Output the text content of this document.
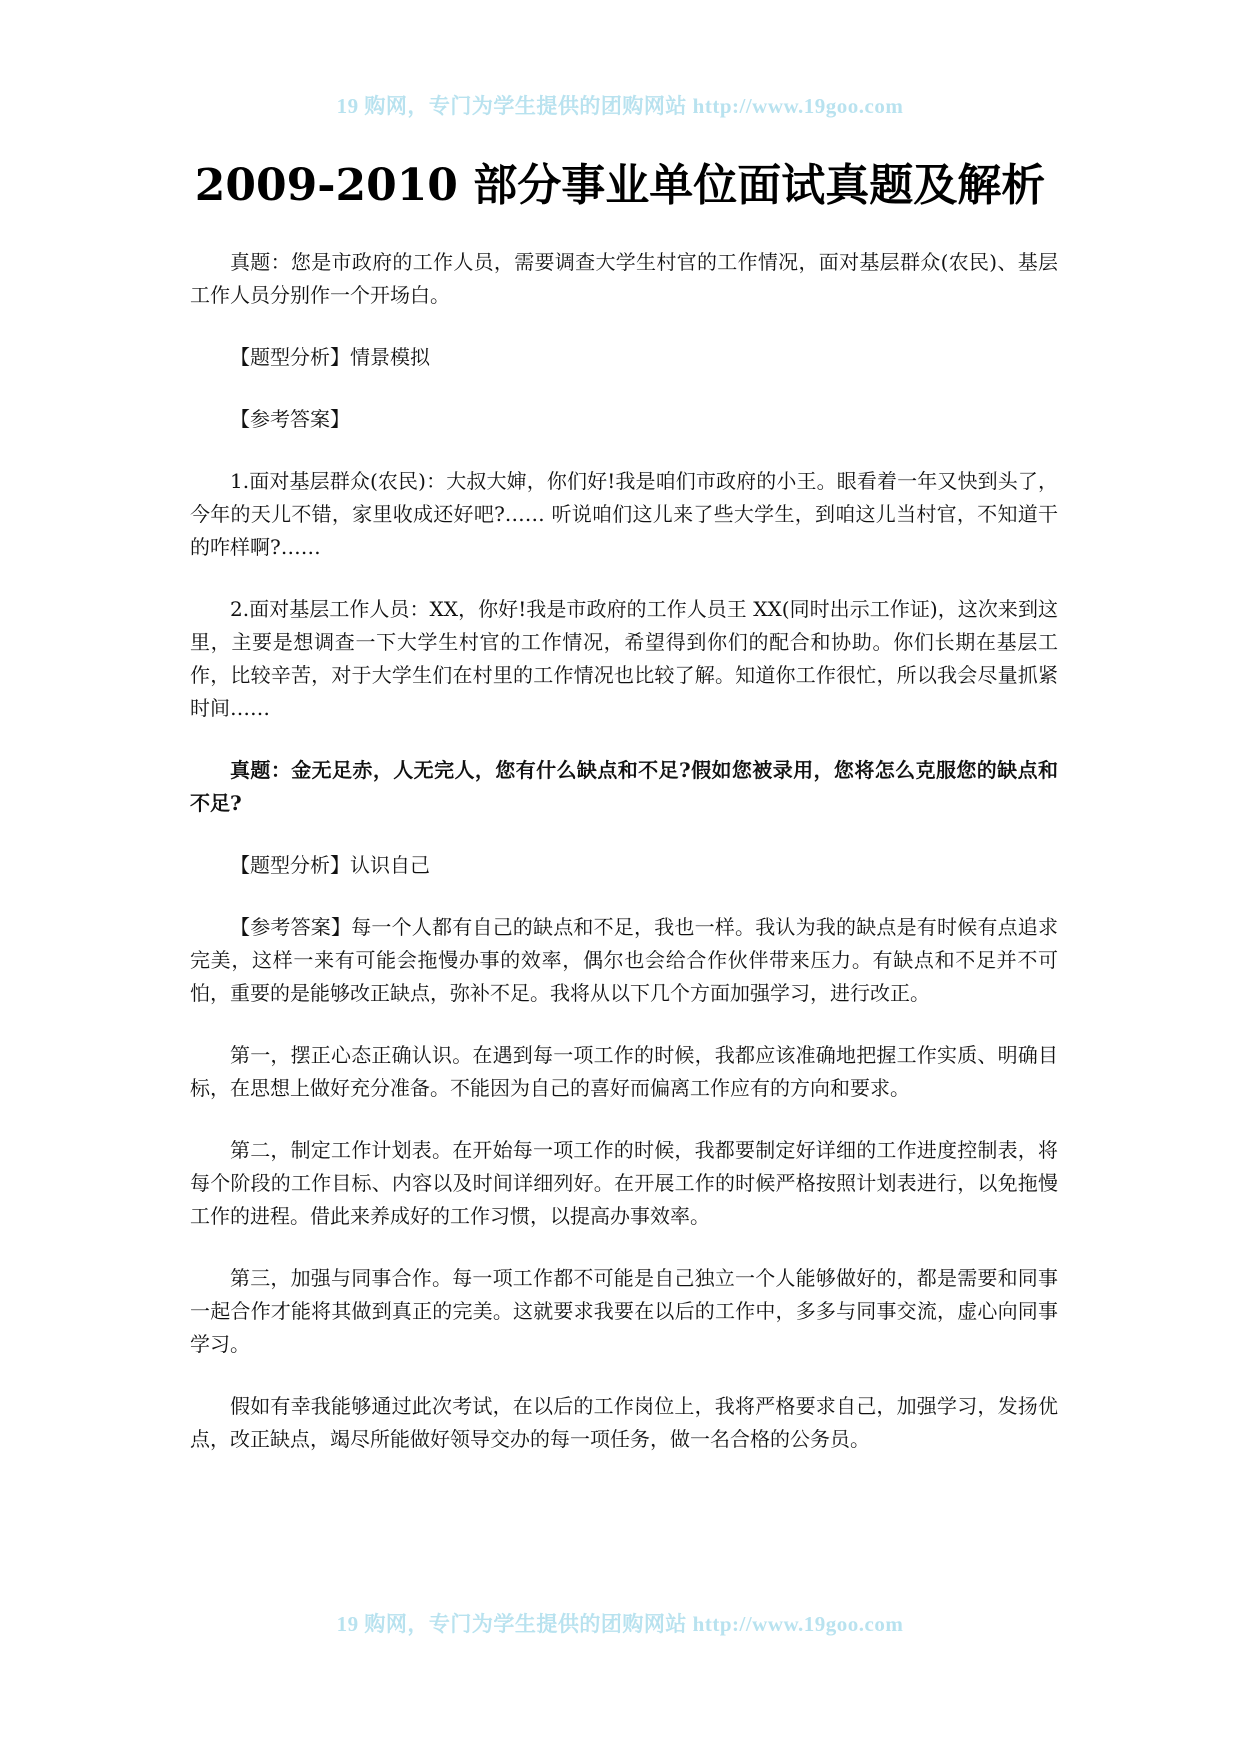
19 购网，专门为学生提供的团购网站 http://www.19goo.com
2009-2010 部分事业单位面试真题及解析

真题：您是市政府的工作人员，需要调查大学生村官的工作情况，面对基层群众(农民)、基层工作人员分别作一个开场白。

【题型分析】情景模拟

【参考答案】

1.面对基层群众(农民)：大叔大婶，你们好!我是咱们市政府的小王。眼看着一年又快到头了，今年的天儿不错，家里收成还好吧?…… 听说咱们这儿来了些大学生，到咱这儿当村官，不知道干的咋样啊?……

2.面对基层工作人员：XX，你好!我是市政府的工作人员王 XX(同时出示工作证)，这次来到这里，主要是想调查一下大学生村官的工作情况，希望得到你们的配合和协助。你们长期在基层工作，比较辛苦，对于大学生们在村里的工作情况也比较了解。知道你工作很忙，所以我会尽量抓紧时间……

真题：金无足赤，人无完人，您有什么缺点和不足?假如您被录用，您将怎么克服您的缺点和不足?

【题型分析】认识自己

【参考答案】每一个人都有自己的缺点和不足，我也一样。我认为我的缺点是有时候有点追求完美，这样一来有可能会拖慢办事的效率，偶尔也会给合作伙伴带来压力。有缺点和不足并不可怕，重要的是能够改正缺点，弥补不足。我将从以下几个方面加强学习，进行改正。

第一，摆正心态正确认识。在遇到每一项工作的时候，我都应该准确地把握工作实质、明确目标，在思想上做好充分准备。不能因为自己的喜好而偏离工作应有的方向和要求。

第二，制定工作计划表。在开始每一项工作的时候，我都要制定好详细的工作进度控制表，将每个阶段的工作目标、内容以及时间详细列好。在开展工作的时候严格按照计划表进行，以免拖慢工作的进程。借此来养成好的工作习惯，以提高办事效率。

第三，加强与同事合作。每一项工作都不可能是自己独立一个人能够做好的，都是需要和同事一起合作才能将其做到真正的完美。这就要求我要在以后的工作中，多多与同事交流，虚心向同事学习。

假如有幸我能够通过此次考试，在以后的工作岗位上，我将严格要求自己，加强学习，发扬优点，改正缺点，竭尽所能做好领导交办的每一项任务，做一名合格的公务员。

19 购网，专门为学生提供的团购网站 http://www.19goo.com
